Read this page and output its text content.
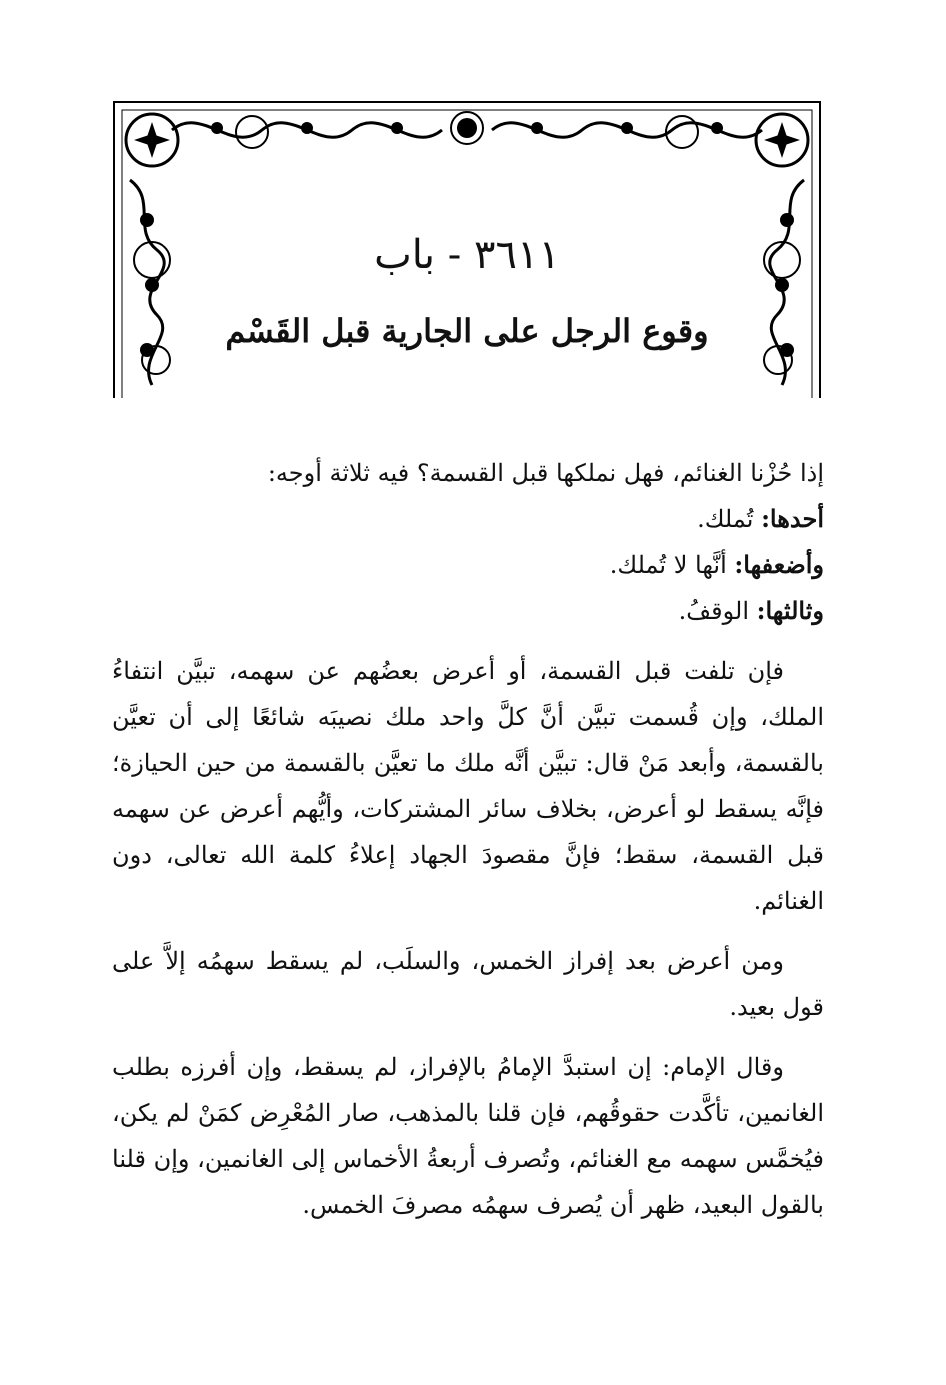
٣٦١١ - باب
وقوع الرجل على الجارية قبل القَسْم

إذا حُزْنا الغنائم، فهل نملكها قبل القسمة؟ فيه ثلاثة أوجه:

أحدها: تُملك.

وأضعفها: أنَّها لا تُملك.

وثالثها: الوقفُ.

فإن تلفت قبل القسمة، أو أعرض بعضُهم عن سهمه، تبيَّن انتفاءُ الملك، وإن قُسمت تبيَّن أنَّ كلَّ واحد ملك نصيبَه شائعًا إلى أن تعيَّن بالقسمة، وأبعد مَنْ قال: تبيَّن أنَّه ملك ما تعيَّن بالقسمة من حين الحيازة؛ فإنَّه يسقط لو أعرض، بخلاف سائر المشتركات، وأيُّهم أعرض عن سهمه قبل القسمة، سقط؛ فإنَّ مقصودَ الجهاد إعلاءُ كلمة الله تعالى، دون الغنائم.

ومن أعرض بعد إفراز الخمس، والسلَب، لم يسقط سهمُه إلاَّ على قول بعيد.

وقال الإمام: إن استبدَّ الإمامُ بالإفراز، لم يسقط، وإن أفرزه بطلب الغانمين، تأكَّدت حقوقُهم، فإن قلنا بالمذهب، صار المُعْرِض كمَنْ لم يكن، فيُخمَّس سهمه مع الغنائم، وتُصرف أربعةُ الأخماس إلى الغانمين، وإن قلنا بالقول البعيد، ظهر أن يُصرف سهمُه مصرفَ الخمس.
